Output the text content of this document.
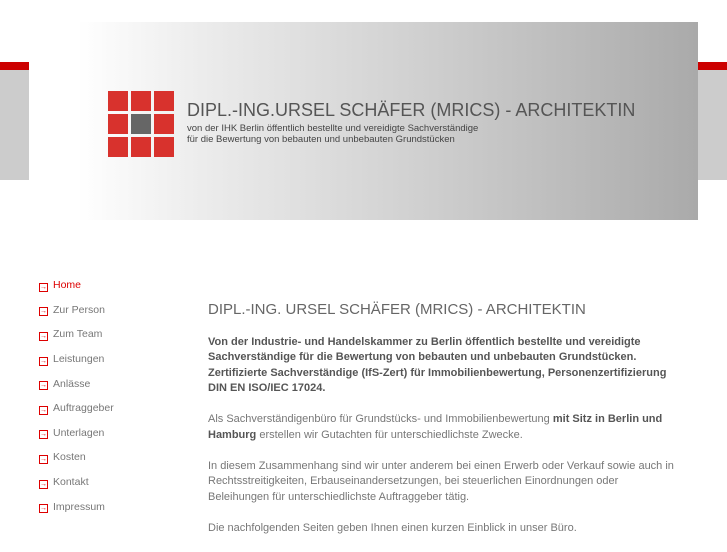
DIPL.-ING.URSEL SCHÄFER (MRICS) - ARCHITEKTIN
von der IHK Berlin öffentlich bestellte und vereidigte Sachverständige
für die Bewertung von bebauten und unbebauten Grundstücken
→ Home
→ Zur Person
→ Zum Team
→ Leistungen
→ Anlässe
→ Auftraggeber
→ Unterlagen
→ Kosten
→ Kontakt
→ Impressum
DIPL.-ING. URSEL SCHÄFER (MRICS) - ARCHITEKTIN

Von der Industrie- und Handelskammer zu Berlin öffentlich bestellte und vereidigte Sachverständige für die Bewertung von bebauten und unbebauten Grundstücken. Zertifizierte Sachverständige (IfS-Zert) für Immobilienbewertung, Personenzertifizierung DIN EN ISO/IEC 17024.

Als Sachverständigenbüro für Grundstücks- und Immobilienbewertung mit Sitz in Berlin und Hamburg erstellen wir Gutachten für unterschiedlichste Zwecke.

In diesem Zusammenhang sind wir unter anderem bei einen Erwerb oder Verkauf sowie auch in Rechtsstreitigkeiten, Erbauseinandersetzungen, bei steuerlichen Einordnungen oder Beleihungen für unterschiedlichste Auftraggeber tätig.

Die nachfolgenden Seiten geben Ihnen einen kurzen Einblick in unser Büro.
